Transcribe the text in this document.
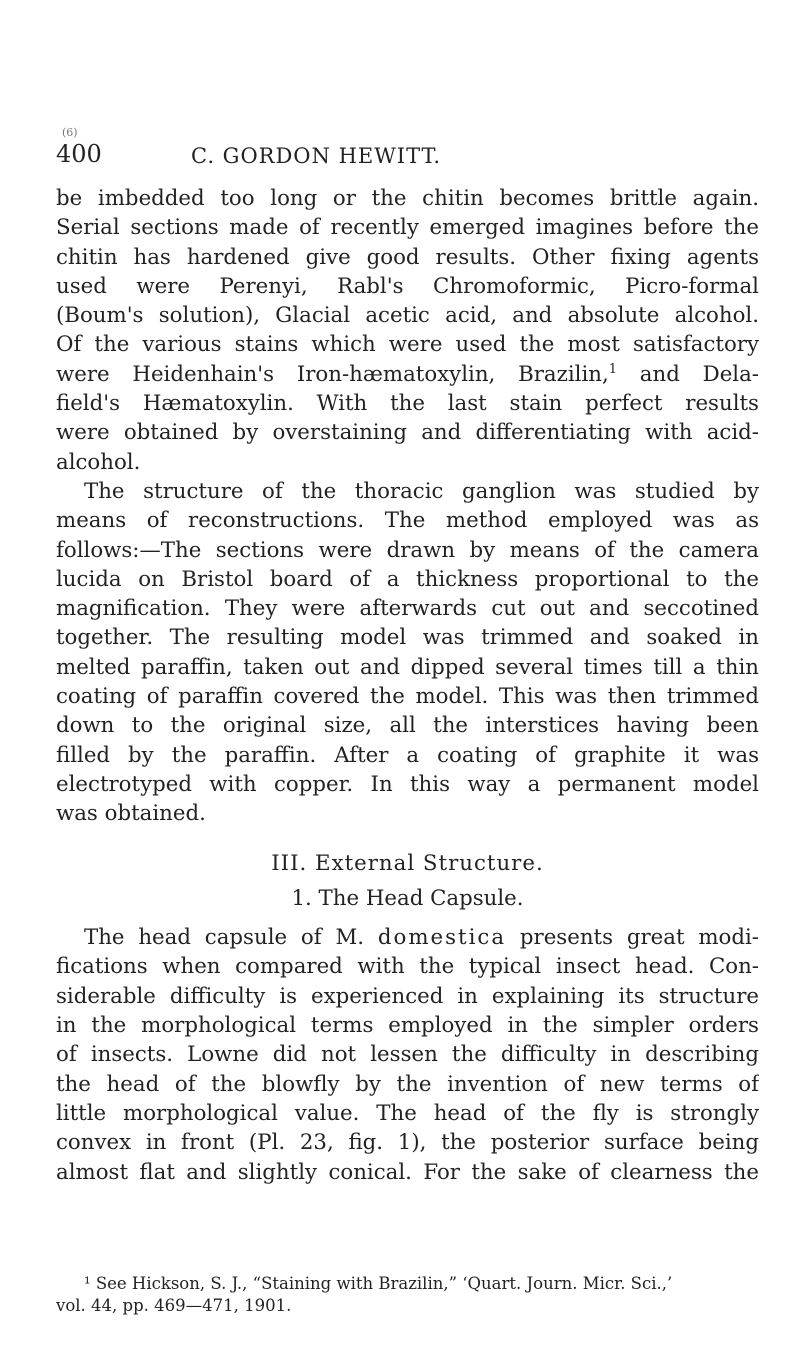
(6)
400	C. GORDON HEWITT.

be imbedded too long or the chitin becomes brittle again.
Serial sections made of recently emerged imagines before the
chitin has hardened give good results. Other fixing agents
used were Perenyi, Rabl's Chromoformic, Picro-formal
(Boum's solution), Glacial acetic acid, and absolute alcohol.
Of the various stains which were used the most satisfactory
were Heidenhain's Iron-hæmatoxylin, Brazilin,$^1$ and Dela-
field's Hæmatoxylin. With the last stain perfect results
were obtained by overstaining and differentiating with acid-
alcohol.

The structure of the thoracic ganglion was studied by
means of reconstructions. The method employed was as
follows:—The sections were drawn by means of the camera
lucida on Bristol board of a thickness proportional to the
magnification. They were afterwards cut out and seccotined
together. The resulting model was trimmed and soaked in
melted paraffin, taken out and dipped several times till a thin
coating of paraffin covered the model. This was then trimmed
down to the original size, all the interstices having been
filled by the paraffin. After a coating of graphite it was
electrotyped with copper. In this way a permanent model
was obtained.

III. External Structure.
1. The Head Capsule.

The head capsule of M. domestica presents great modi-
fications when compared with the typical insect head. Con-
siderable difficulty is experienced in explaining its structure
in the morphological terms employed in the simpler orders
of insects. Lowne did not lessen the difficulty in describing
the head of the blowfly by the invention of new terms of
little morphological value. The head of the fly is strongly
convex in front (Pl. 23, fig. 1), the posterior surface being
almost flat and slightly conical. For the sake of clearness the

¹ See Hickson, S. J., “Staining with Brazilin,” ‘Quart. Journ. Micr. Sci.,’
vol. 44, pp. 469—471, 1901.
